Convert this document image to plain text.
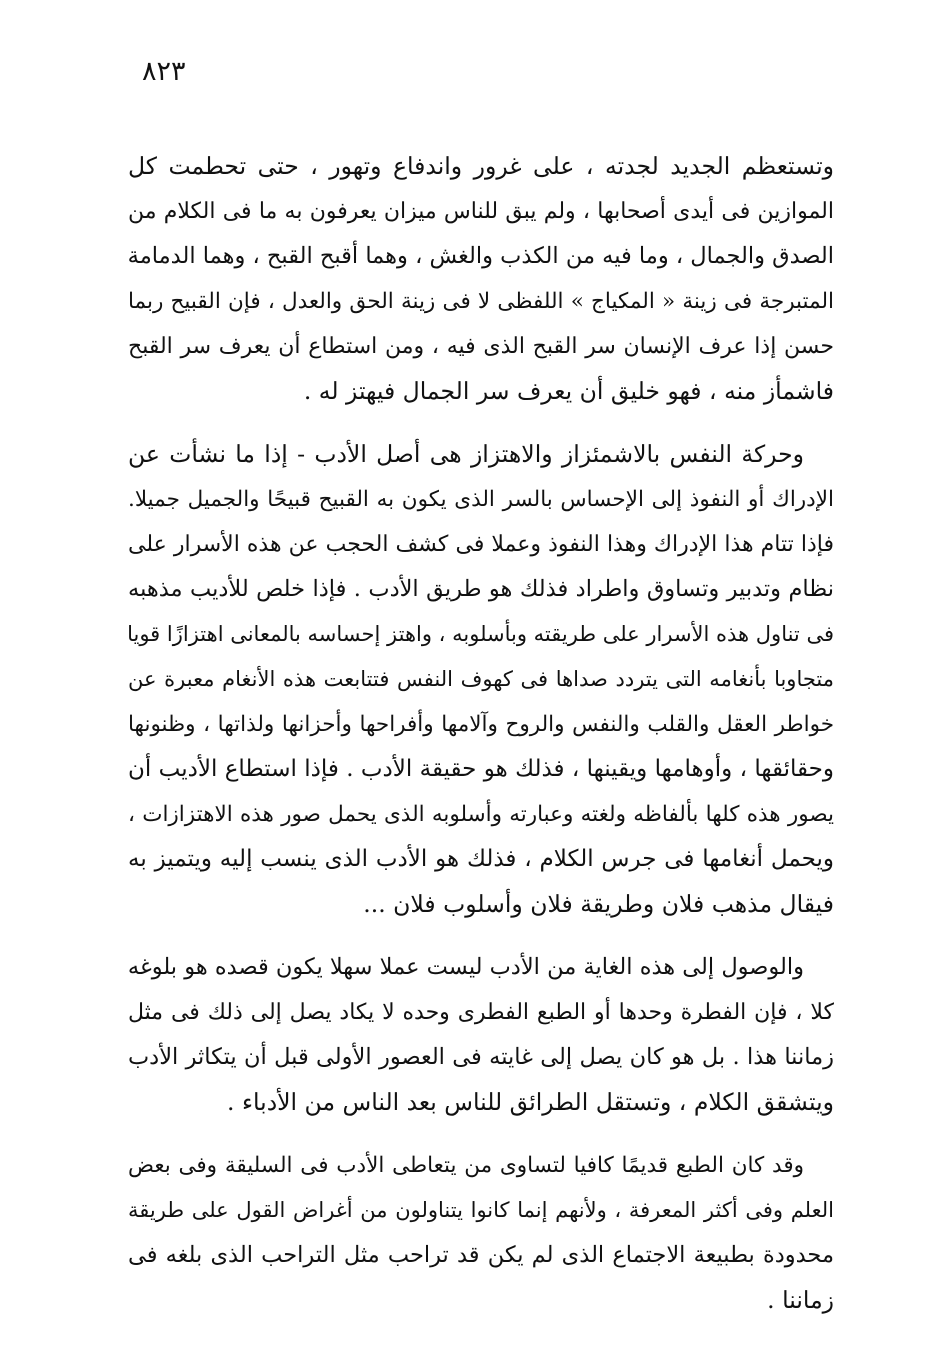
٨٢٣
وتستعظم الجديد لجدته ، على غرور واندفاع وتهور ، حتى تحطمت كل
الموازين فى أيدى أصحابها ، ولم يبق للناس ميزان يعرفون به ما فى الكلام من
الصدق والجمال ، وما فيه من الكذب والغش ، وهما أقبح القبح ، وهما الدمامة
المتبرجة فى زينة « المكياج » اللفظى لا فى زينة الحق والعدل ، فإن القبيح ربما
حسن إذا عرف الإنسان سر القبح الذى فيه ، ومن استطاع أن يعرف سر القبح
فاشمأز منه ، فهو خليق أن يعرف سر الجمال فيهتز له .
وحركة النفس بالاشمئزاز والاهتزاز هى أصل الأدب - إذا ما نشأت عن
الإدراك أو النفوذ إلى الإحساس بالسر الذى يكون به القبيح قبيحًا والجميل جميلا.
فإذا تتام هذا الإدراك وهذا النفوذ وعملا فى كشف الحجب عن هذه الأسرار على
نظام وتدبير وتساوق واطراد فذلك هو طريق الأدب . فإذا خلص للأديب مذهبه
فى تناول هذه الأسرار على طريقته وبأسلوبه ، واهتز إحساسه بالمعانى اهتزازًا قويا
متجاوبا بأنغامه التى يتردد صداها فى كهوف النفس فتتابعت هذه الأنغام معبرة عن
خواطر العقل والقلب والنفس والروح وآلامها وأفراحها وأحزانها ولذاتها ، وظنونها
وحقائقها ، وأوهامها ويقينها ، فذلك هو حقيقة الأدب . فإذا استطاع الأديب أن
يصور هذه كلها بألفاظه ولغته وعبارته وأسلوبه الذى يحمل صور هذه الاهتزازات ،
ويحمل أنغامها فى جرس الكلام ، فذلك هو الأدب الذى ينسب إليه ويتميز به
فيقال مذهب فلان وطريقة فلان وأسلوب فلان ...
والوصول إلى هذه الغاية من الأدب ليست عملا سهلا يكون قصده هو بلوغه
كلا ، فإن الفطرة وحدها أو الطبع الفطرى وحده لا يكاد يصل إلى ذلك فى مثل
زماننا هذا . بل هو كان يصل إلى غايته فى العصور الأولى قبل أن يتكاثر الأدب
ويتشقق الكلام ، وتستقل الطرائق للناس بعد الناس من الأدباء .
وقد كان الطبع قديمًا كافيا لتساوى من يتعاطى الأدب فى السليقة وفى بعض
العلم وفى أكثر المعرفة ، ولأنهم إنما كانوا يتناولون من أغراض القول على طريقة
محدودة بطبيعة الاجتماع الذى لم يكن قد تراحب مثل التراحب الذى بلغه فى
زماننا .
